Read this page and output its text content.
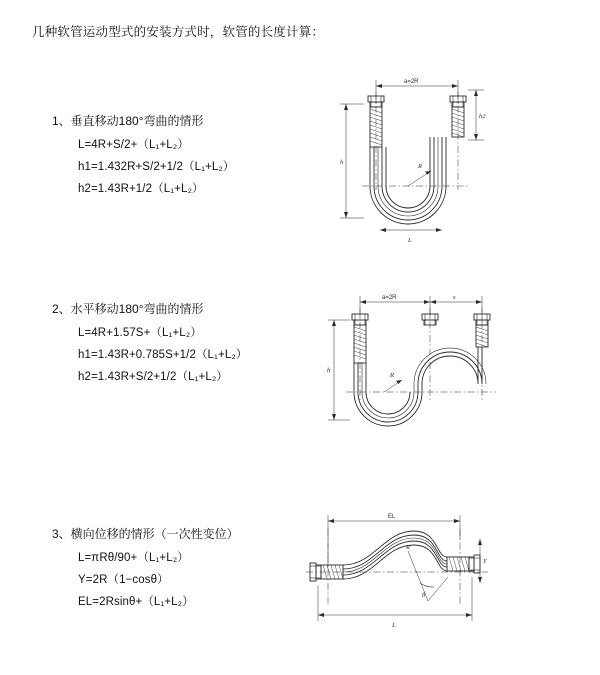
几种软管运动型式的安装方式时，软管的长度计算：
1、垂直移动180°弯曲的情形
L=4R+S/2+（L₁+L₂）
h1=1.432R+S/2+1/2（L₁+L₂）
h2=1.43R+1/2（L₁+L₂）
a=2R
R
h
h2
L
2、水平移动180°弯曲的情形
L=4R+1.57S+（L₁+L₂）
h1=1.43R+0.785S+1/2（L₁+L₂）
h2=1.43R+S/2+1/2（L₁+L₂）
a=2R	s
R
h
3、横向位移的情形（一次性变位）
L=πRθ/90+（L₁+L₂）
Y=2R（1−cosθ）
EL=2Rsinθ+（L₁+L₂）
EL
θ
R
Y
L
